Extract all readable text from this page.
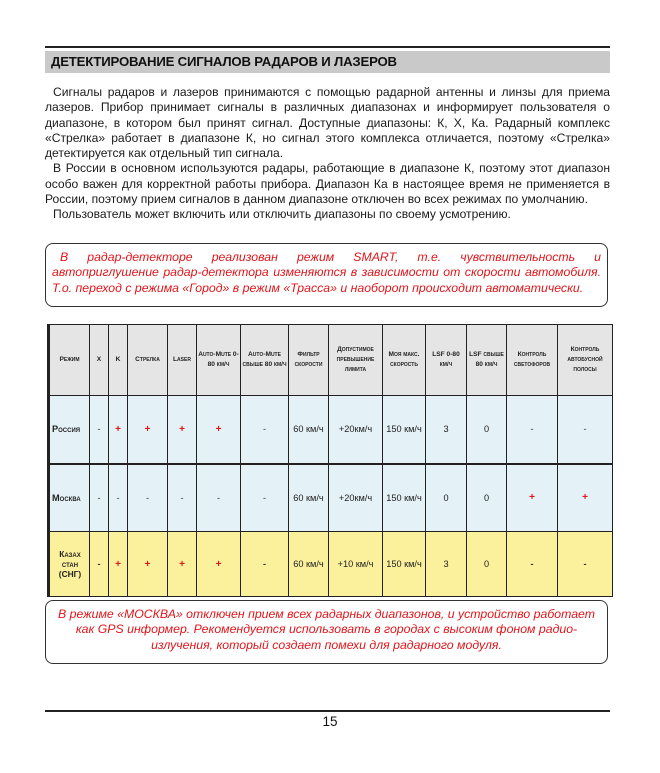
ДЕТЕКТИРОВАНИЕ СИГНАЛОВ РАДАРОВ И ЛАЗЕРОВ

Сигналы радаров и лазеров принимаются с помощью радарной антенны и линзы для приема лазеров. Прибор принимает сигналы в различных диапазонах и информирует пользователя о диапазоне, в котором был принят сигнал. Доступные диапазоны: К, Х, Ка. Радарный комплекс «Стрелка» работает в диапазоне К, но сигнал этого комплекса отличается, поэтому «Стрелка» детектируется как отдельный тип сигнала.

В России в основном используются радары, работающие в диапазоне К, поэтому этот диапазон особо важен для корректной работы прибора. Диапазон Ка в настоящее время не применяется в России, поэтому прием сигналов в данном диапазоне отключен во всех режимах по умолчанию.

Пользователь может включить или отключить диапазоны по своему усмотрению.

В радар-детекторе реализован режим SMART, т.е. чувствительность и автоприглушение радар-детектора изменяются в зависимости от скорости автомобиля. Т.о. переход с режима «Город» в режим «Трасса» и наоборот происходит автоматически.

Режим	X	K	Стрелка	Laser	Auto-Mute 0-80 км/ч	Auto-Mute свыше 80 км/ч	Фильтр скорости	Допустимое превышение лимита	Моя макс. скорость	LSF 0-80 км/ч	LSF свыше 80 км/ч	Контроль светофоров	Контроль автобусной полосы
Россия	-	+	+	+	+	-	60 км/ч	+20км/ч	150 км/ч	3	0	-	-
Москва	-	-	-	-	-	-	60 км/ч	+20км/ч	150 км/ч	0	0	+	+
Казах стан (СНГ)	-	+	+	+	+	-	60 км/ч	+10 км/ч	150 км/ч	3	0	-	-

В режиме «МОСКВА» отключен прием всех радарных диапазонов, и устройство работает как GPS информер. Рекомендуется использовать в городах с высоким фоном радио-излучения, который создает помехи для радарного модуля.

15
